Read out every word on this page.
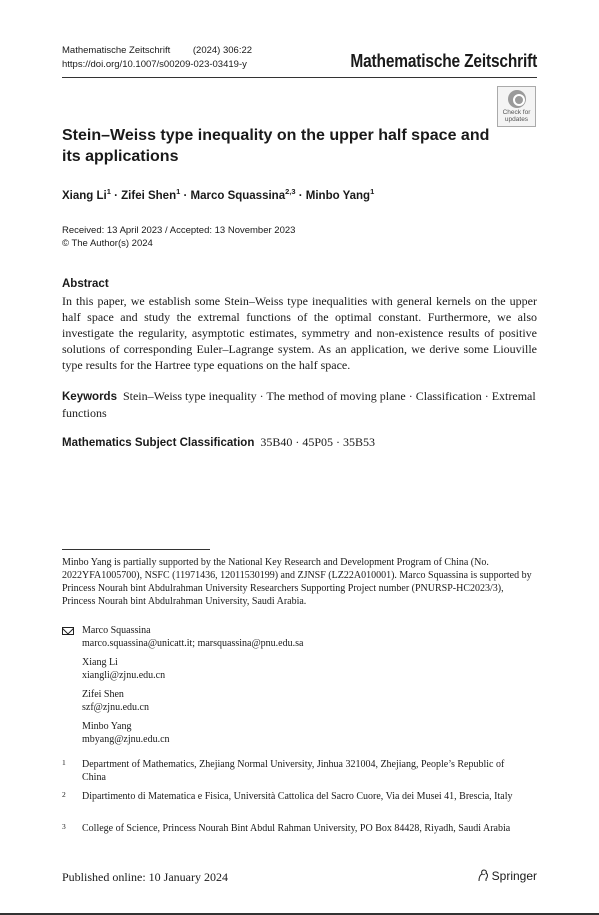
Mathematische Zeitschrift (2024) 306:22
https://doi.org/10.1007/s00209-023-03419-y	Mathematische Zeitschrift
Check for
updates
Stein–Weiss type inequality on the upper half space and its applications
Xiang $Li^1$ · Zifei Shen$^1$ · Marco Squassina$^{2,3}$ · Minbo Yang$^1$
Received: 13 April 2023 / Accepted: 13 November 2023
© The Author(s) 2024
Abstract
In this paper, we establish some Stein–Weiss type inequalities with general kernels on the upper half space and study the extremal functions of the optimal constant. Furthermore, we also investigate the regularity, asymptotic estimates, symmetry and non-existence results of positive solutions of corresponding Euler–Lagrange system. As an application, we derive some Liouville type results for the Hartree type equations on the half space.
Keywords Stein–Weiss type inequality · The method of moving plane · Classification · Extremal functions
Mathematics Subject Classification 35B40 · 45P05 · 35B53
Minbo Yang is partially supported by the National Key Research and Development Program of China (No. 2022YFA1005700), NSFC (11971436, 12011530199) and ZJNSF (LZ22A010001). Marco Squassina is supported by Princess Nourah bint Abdulrahman University Researchers Supporting Project number (PNURSP-HC2023/3), Princess Nourah bint Abdulrahman University, Saudi Arabia.
Marco Squassina
marco.squassina@unicatt.it; marsquassina@pnu.edu.sa
Xiang Li
xiangli@zjnu.edu.cn
Zifei Shen
szf@zjnu.edu.cn
Minbo Yang
mbyang@zjnu.edu.cn
1 Department of Mathematics, Zhejiang Normal University, Jinhua 321004, Zhejiang, People’s Republic of China
2 Dipartimento di Matematica e Fisica, Università Cattolica del Sacro Cuore, Via dei Musei 41, Brescia, Italy
3 College of Science, Princess Nourah Bint Abdul Rahman University, PO Box 84428, Riyadh, Saudi Arabia
Published online: 10 January 2024	Springer
